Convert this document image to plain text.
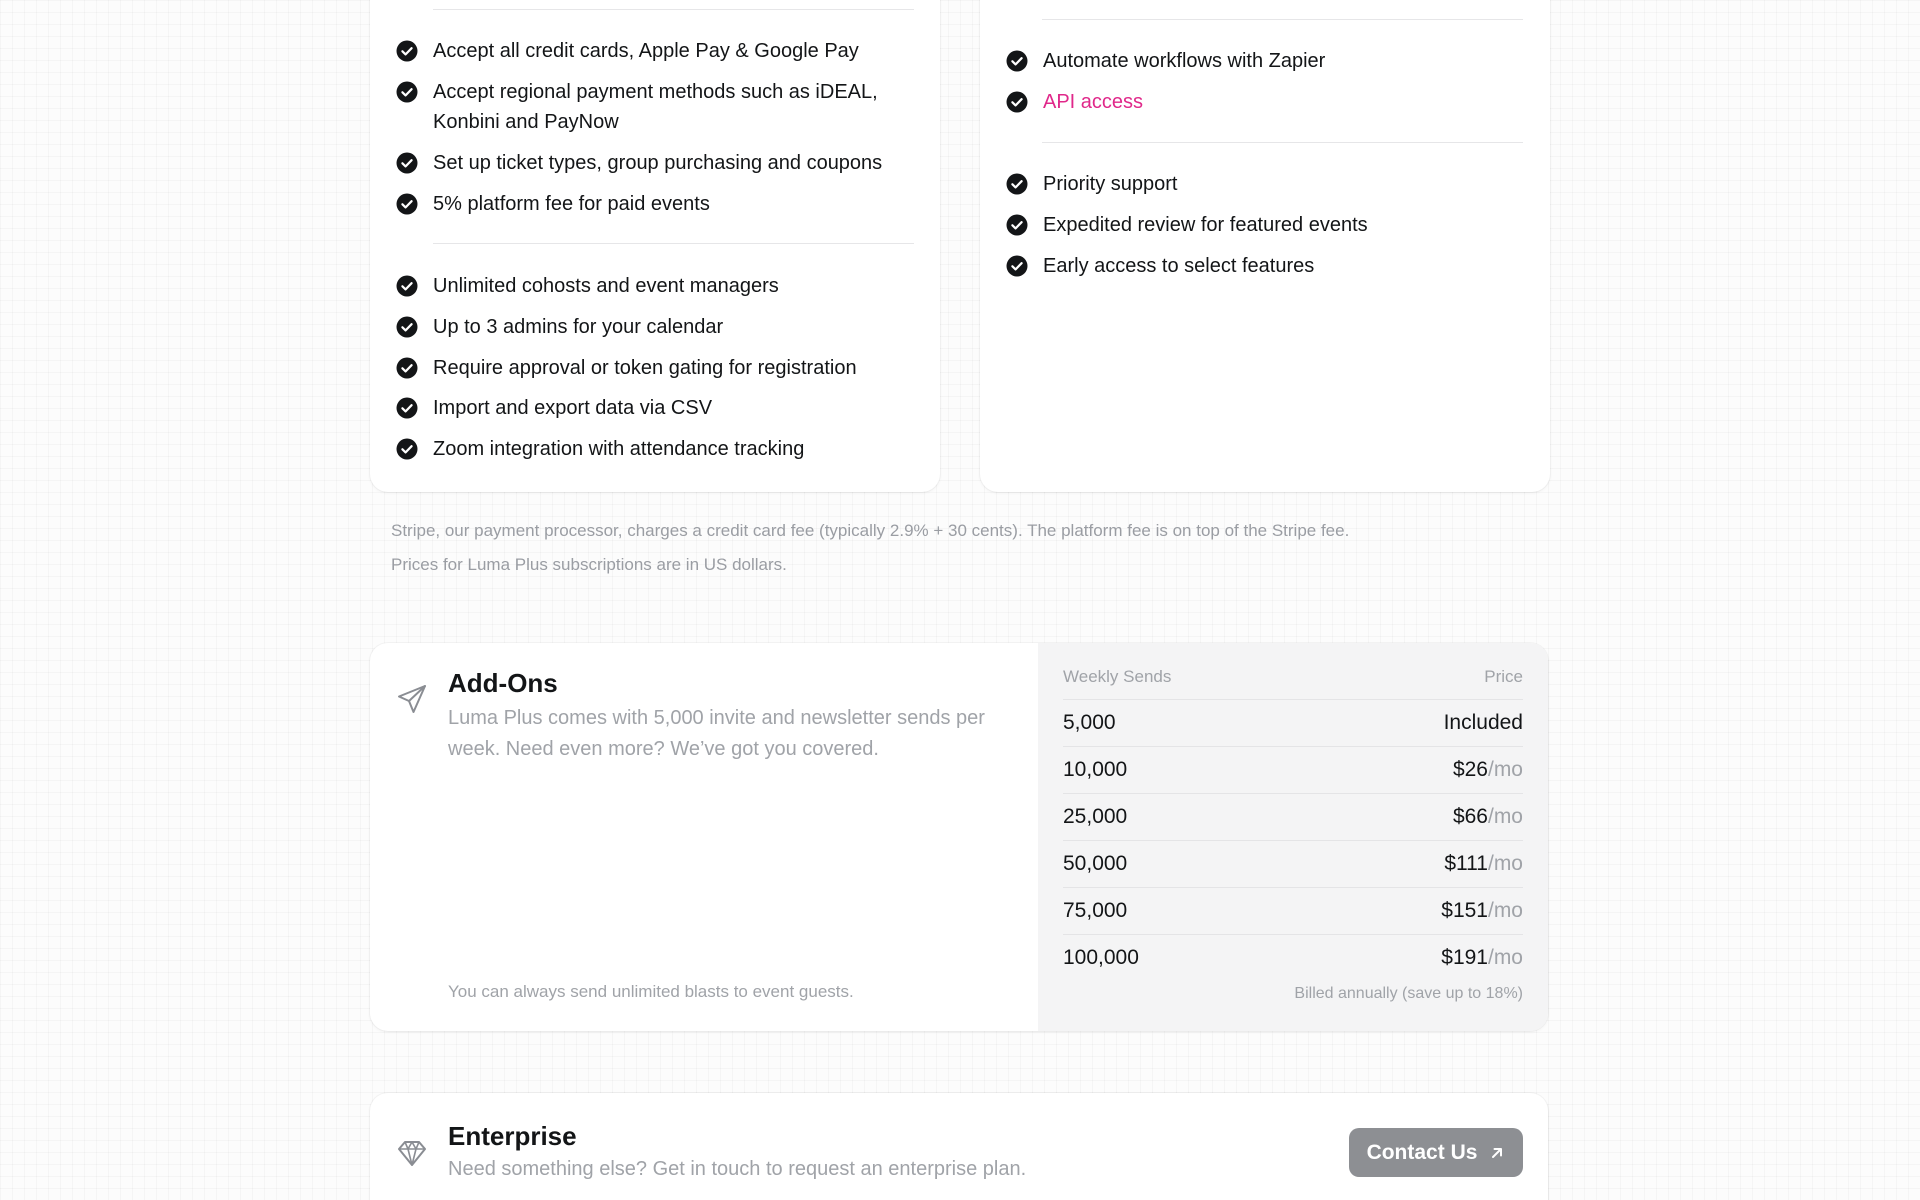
Accept all credit cards, Apple Pay & Google Pay
Accept regional payment methods such as iDEAL, Konbini and PayNow
Set up ticket types, group purchasing and coupons
5% platform fee for paid events
Unlimited cohosts and event managers
Up to 3 admins for your calendar
Require approval or token gating for registration
Import and export data via CSV
Zoom integration with attendance tracking
Automate workflows with Zapier
API access
Priority support
Expedited review for featured events
Early access to select features
Stripe, our payment processor, charges a credit card fee (typically 2.9% + 30 cents). The platform fee is on top of the Stripe fee.
Prices for Luma Plus subscriptions are in US dollars.
Add-Ons
Luma Plus comes with 5,000 invite and newsletter sends per week. Need even more? We’ve got you covered.
You can always send unlimited blasts to event guests.
Weekly Sends	Price
5,000	Included
10,000	$26/mo
25,000	$66/mo
50,000	$111/mo
75,000	$151/mo
100,000	$191/mo
Billed annually (save up to 18%)
Enterprise
Need something else? Get in touch to request an enterprise plan.
Contact Us
